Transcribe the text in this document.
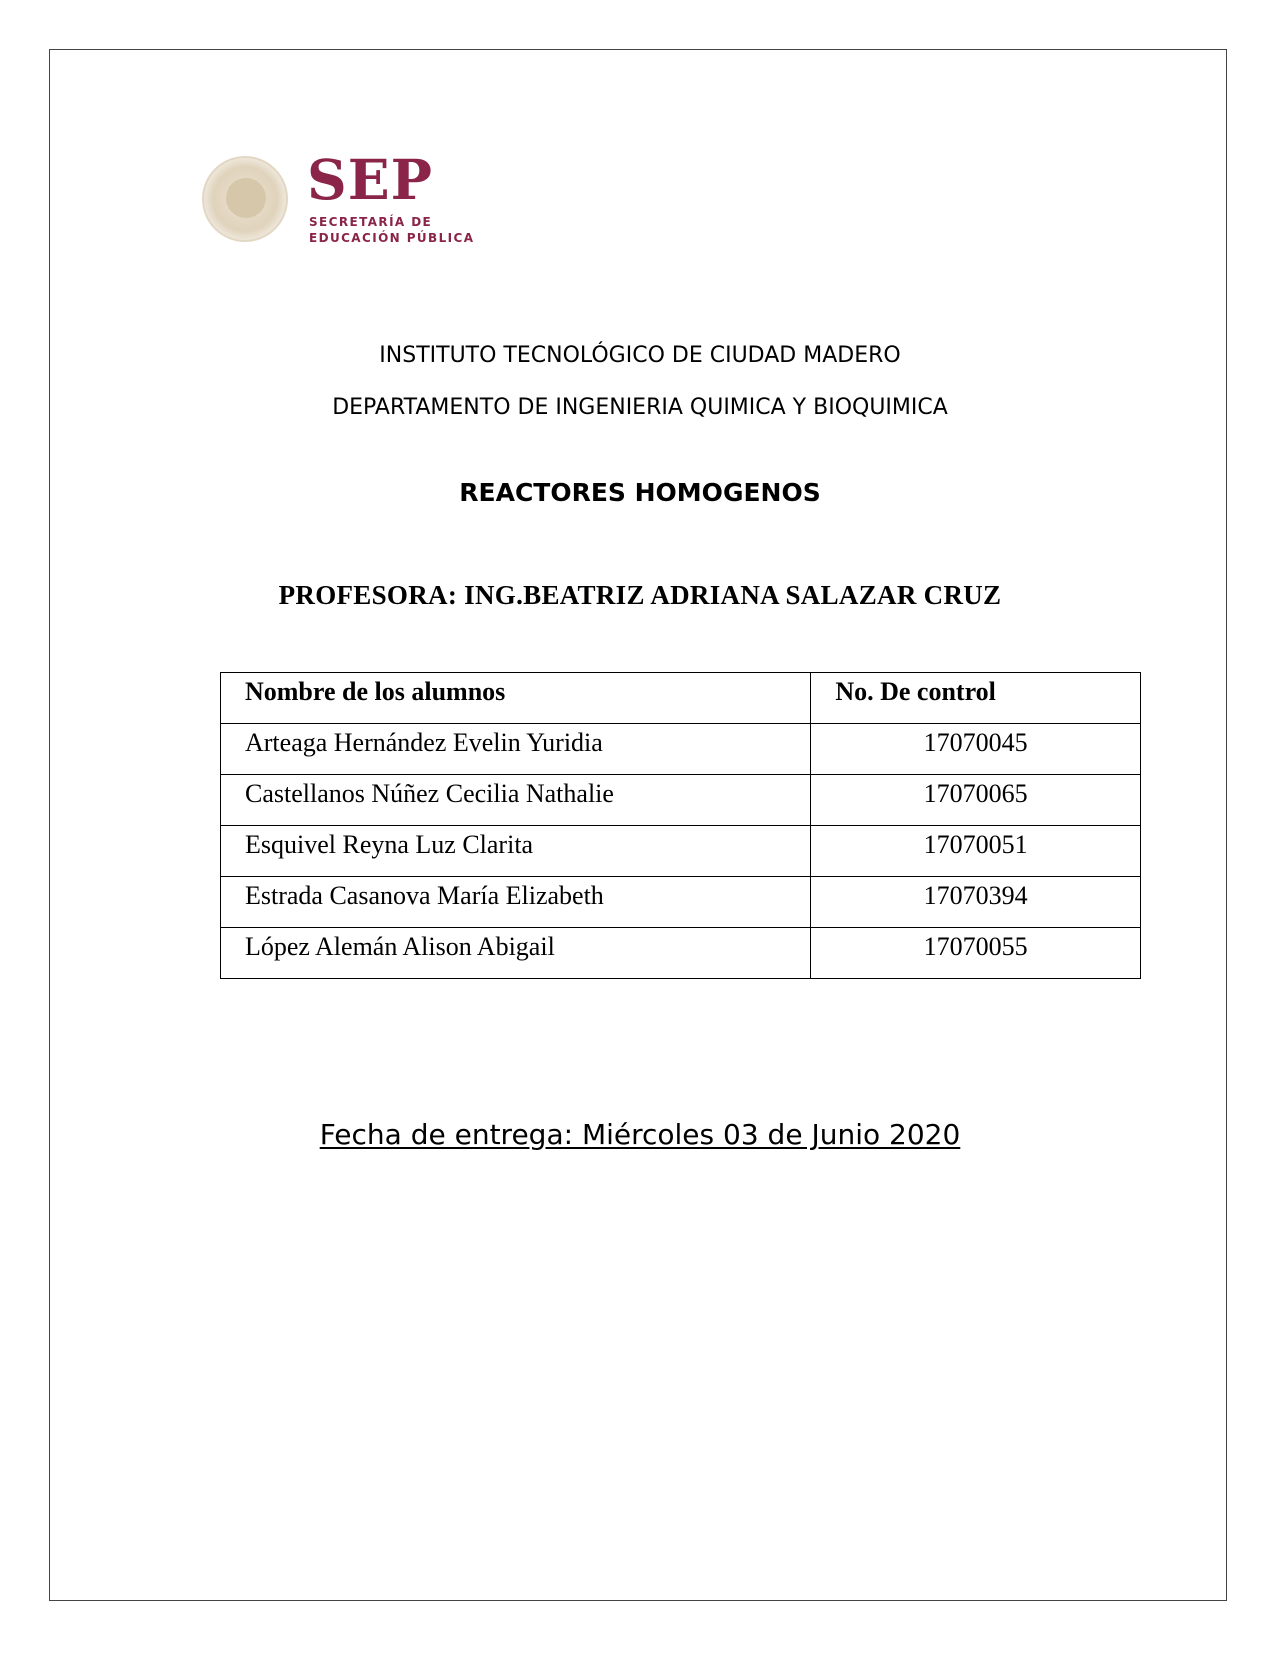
SEP
SECRETARÍA DE
EDUCACIÓN PÚBLICA
INSTITUTO TECNOLÓGICO DE CIUDAD MADERO
DEPARTAMENTO DE INGENIERIA QUIMICA Y BIOQUIMICA
REACTORES HOMOGENOS
PROFESORA: ING.BEATRIZ ADRIANA SALAZAR CRUZ
Nombre de los alumnos	No. De control
Arteaga Hernández Evelin Yuridia	17070045
Castellanos Núñez Cecilia Nathalie	17070065
Esquivel Reyna Luz Clarita	17070051
Estrada Casanova María Elizabeth	17070394
López Alemán Alison Abigail	17070055
Fecha de entrega: Miércoles 03 de Junio 2020
